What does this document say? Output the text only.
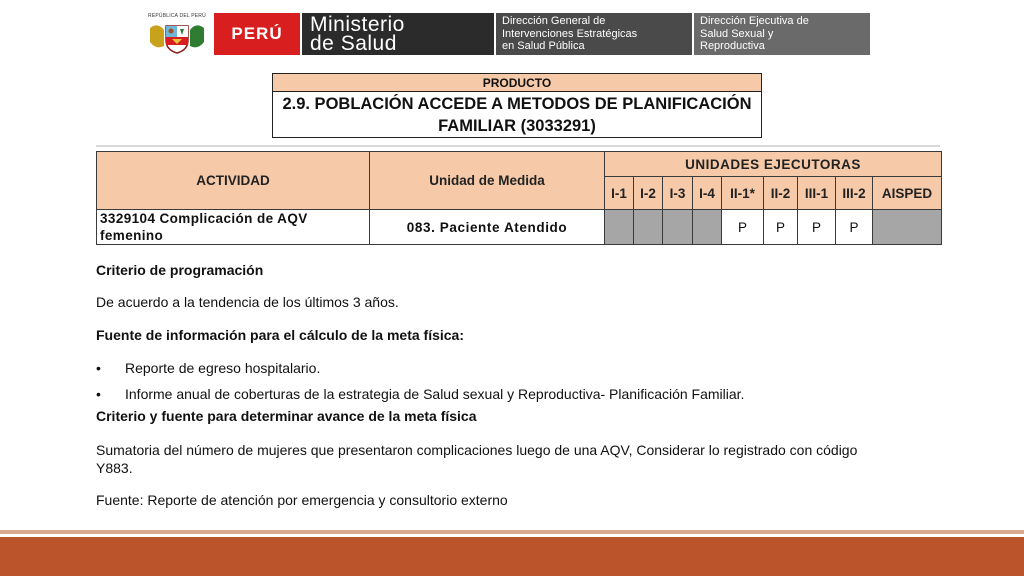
REPÚBLICA DEL PERÚ
PERÚ	Ministerio
de Salud
Dirección General de
Intervenciones Estratégicas
en Salud Pública
Dirección Ejecutiva de
Salud Sexual y
Reproductiva
PRODUCTO
2.9. POBLACIÓN ACCEDE A METODOS DE PLANIFICACIÓN
FAMILIAR (3033291)
ACTIVIDAD	Unidad de Medida	UNIDADES EJECUTORAS								
		I-1	I-2	I-3	I-4	II-1*	II-2	III-1	III-2	AISPED

3329104 Complicación de AQV
femenino	083. Paciente Atendido					P	P	P	P	
Criterio de programación
De acuerdo a la tendencia de los últimos 3 años.
Fuente de información para el cálculo de la meta física:
• Reporte de egreso hospitalario.
• Informe anual de coberturas de la estrategia de Salud sexual y Reproductiva- Planificación Familiar.
Criterio y fuente para determinar avance de la meta física
Sumatoria del número de mujeres que presentaron complicaciones luego de una AQV, Considerar lo registrado con código
Y883.
Fuente: Reporte de atención por emergencia y consultorio externo
